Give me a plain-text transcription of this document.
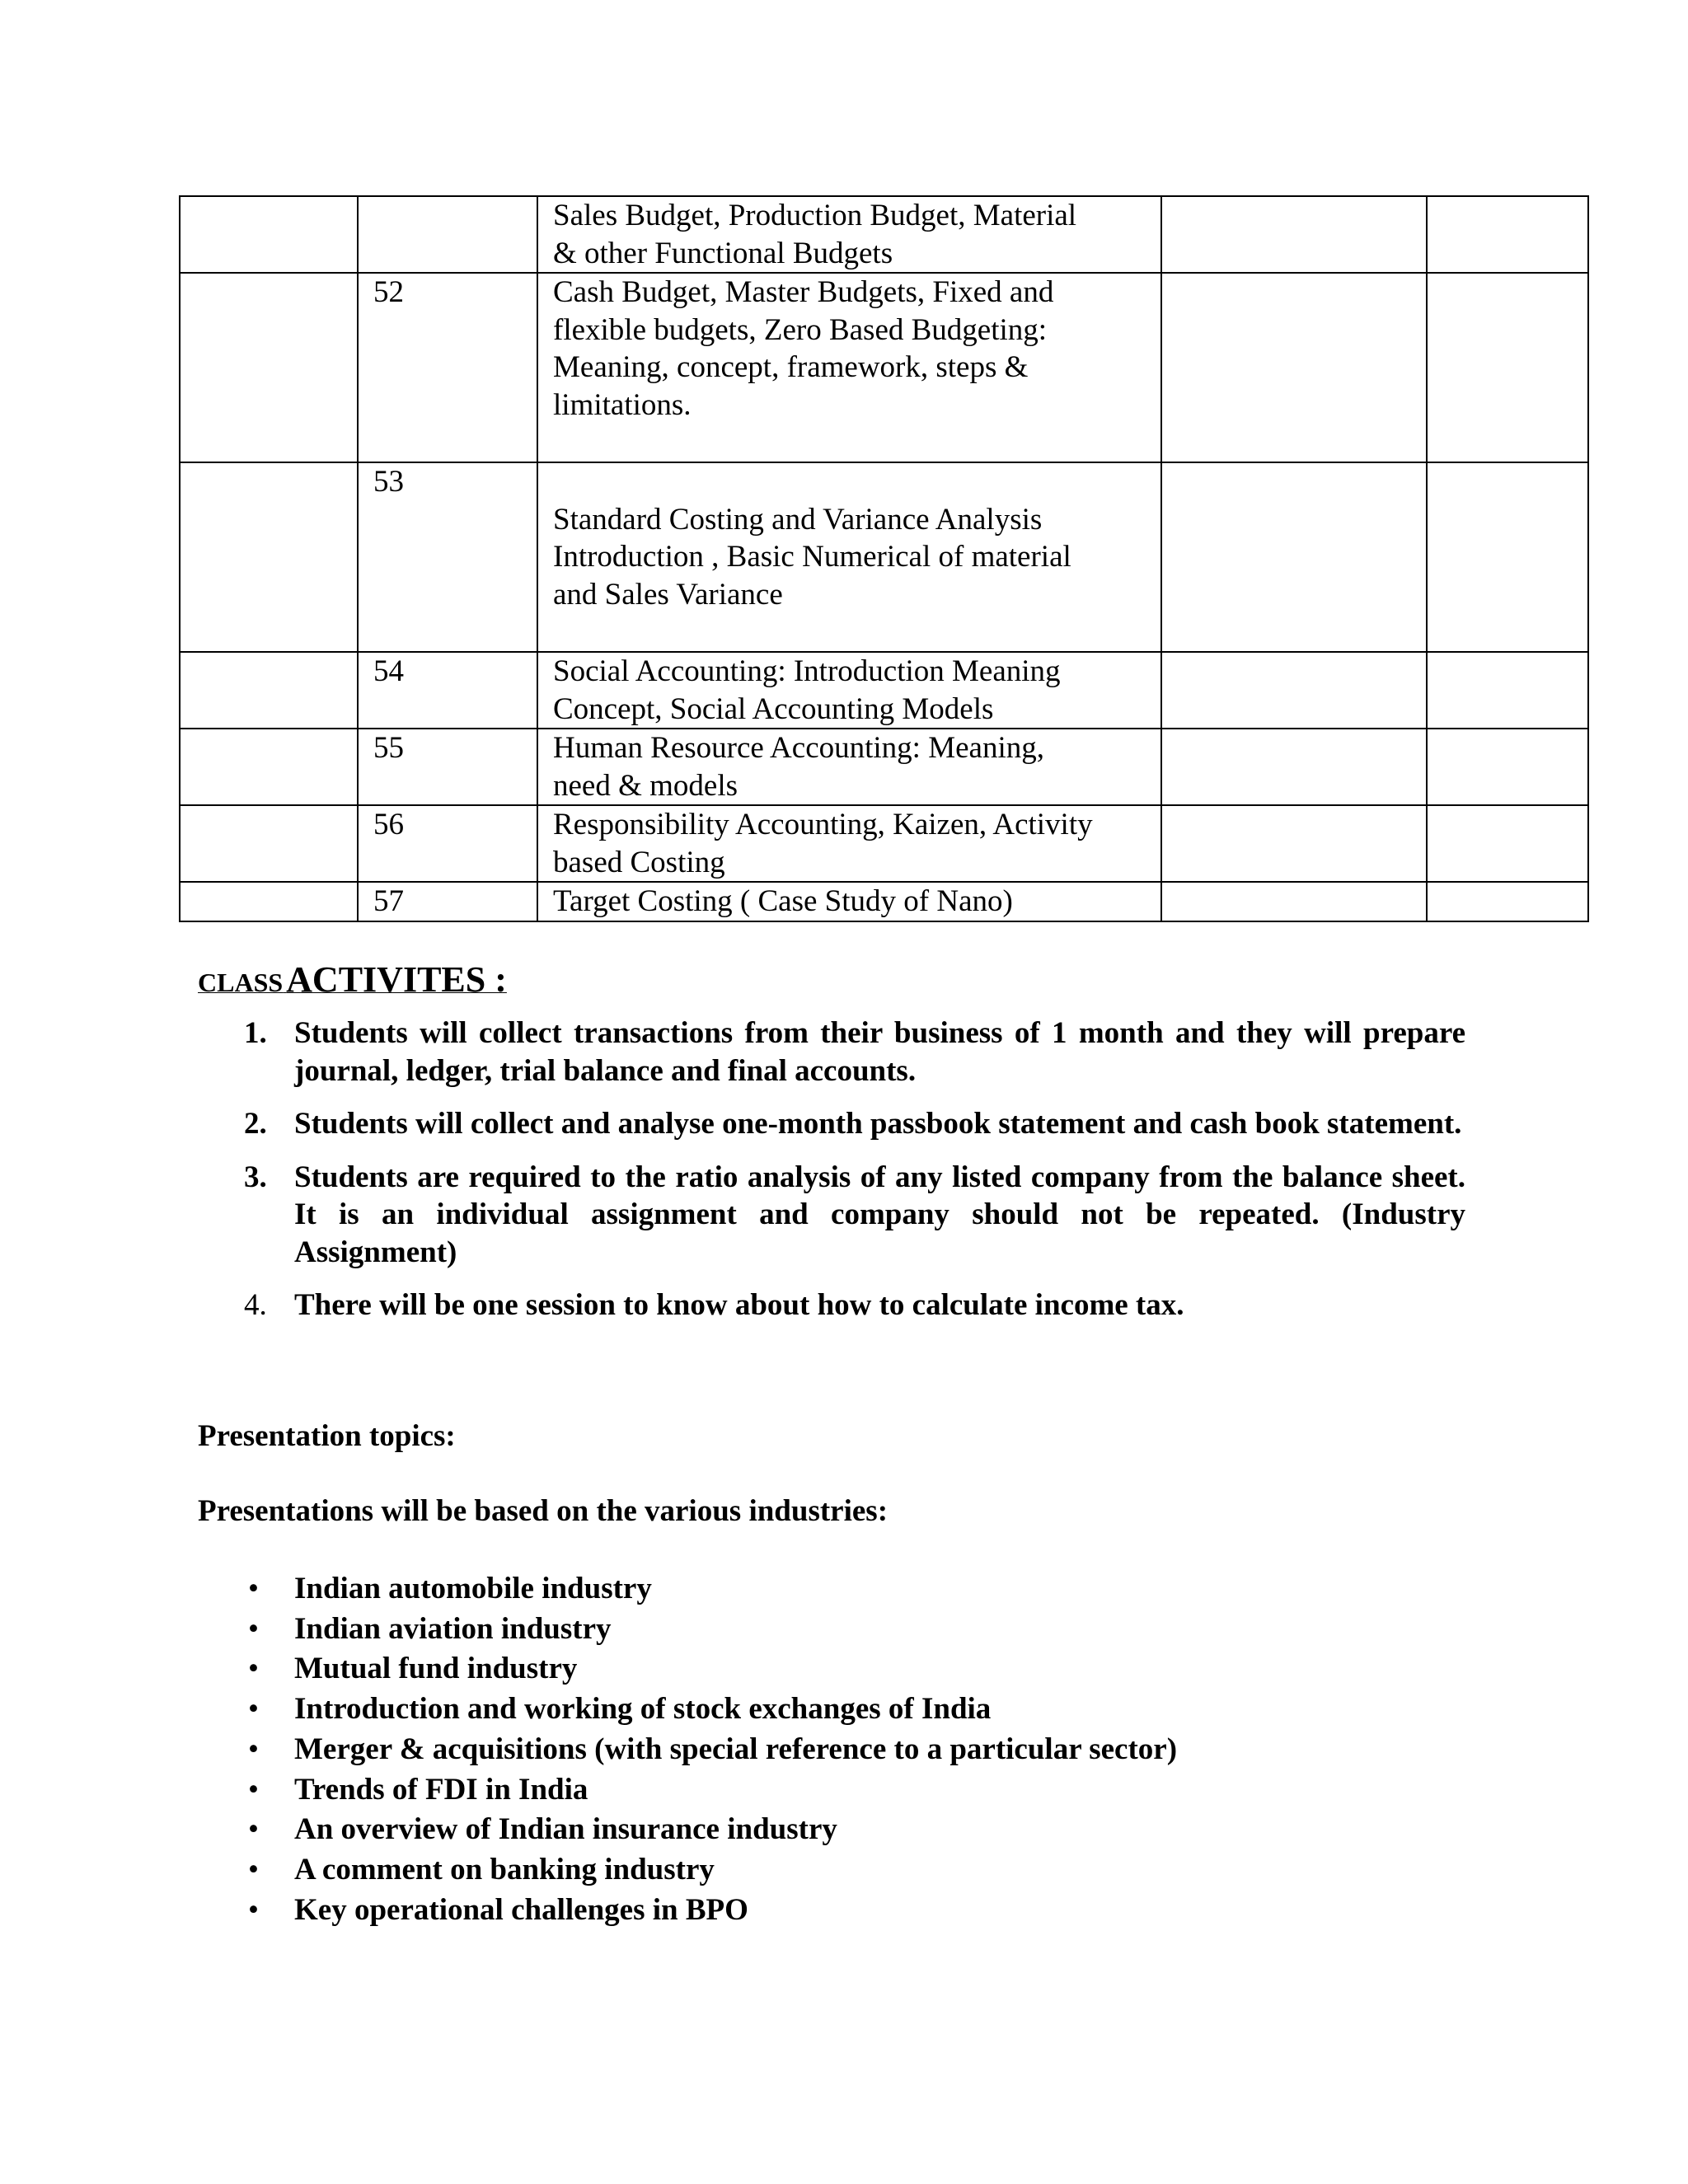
		Sales Budget, Production Budget, Material
& other Functional Budgets		

	52	Cash Budget, Master Budgets, Fixed and
flexible budgets, Zero Based Budgeting:
Meaning, concept, framework, steps &
limitations.		

	53	Standard Costing and Variance Analysis
Introduction , Basic Numerical of material
and Sales Variance		

	54	Social Accounting: Introduction Meaning
Concept, Social Accounting Models		

	55	Human Resource Accounting: Meaning,
need & models		

	56	Responsibility Accounting, Kaizen, Activity
based Costing		

	57	Target Costing ( Case Study of Nano)		

CLASS ACTIVITES :
1. Students will collect transactions from their business of 1 month and they will prepare journal, ledger, trial balance and final accounts.
2. Students will collect and analyse one-month passbook statement and cash book statement.
3. Students are required to the ratio analysis of any listed company from the balance sheet. It is an individual assignment and company should not be repeated. (Industry Assignment)
4. There will be one session to know about how to calculate income tax.
Presentation topics:
Presentations will be based on the various industries:
• Indian automobile industry
• Indian aviation industry
• Mutual fund industry
• Introduction and working of stock exchanges of India
• Merger & acquisitions (with special reference to a particular sector)
• Trends of FDI in India
• An overview of Indian insurance industry
• A comment on banking industry
• Key operational challenges in BPO
